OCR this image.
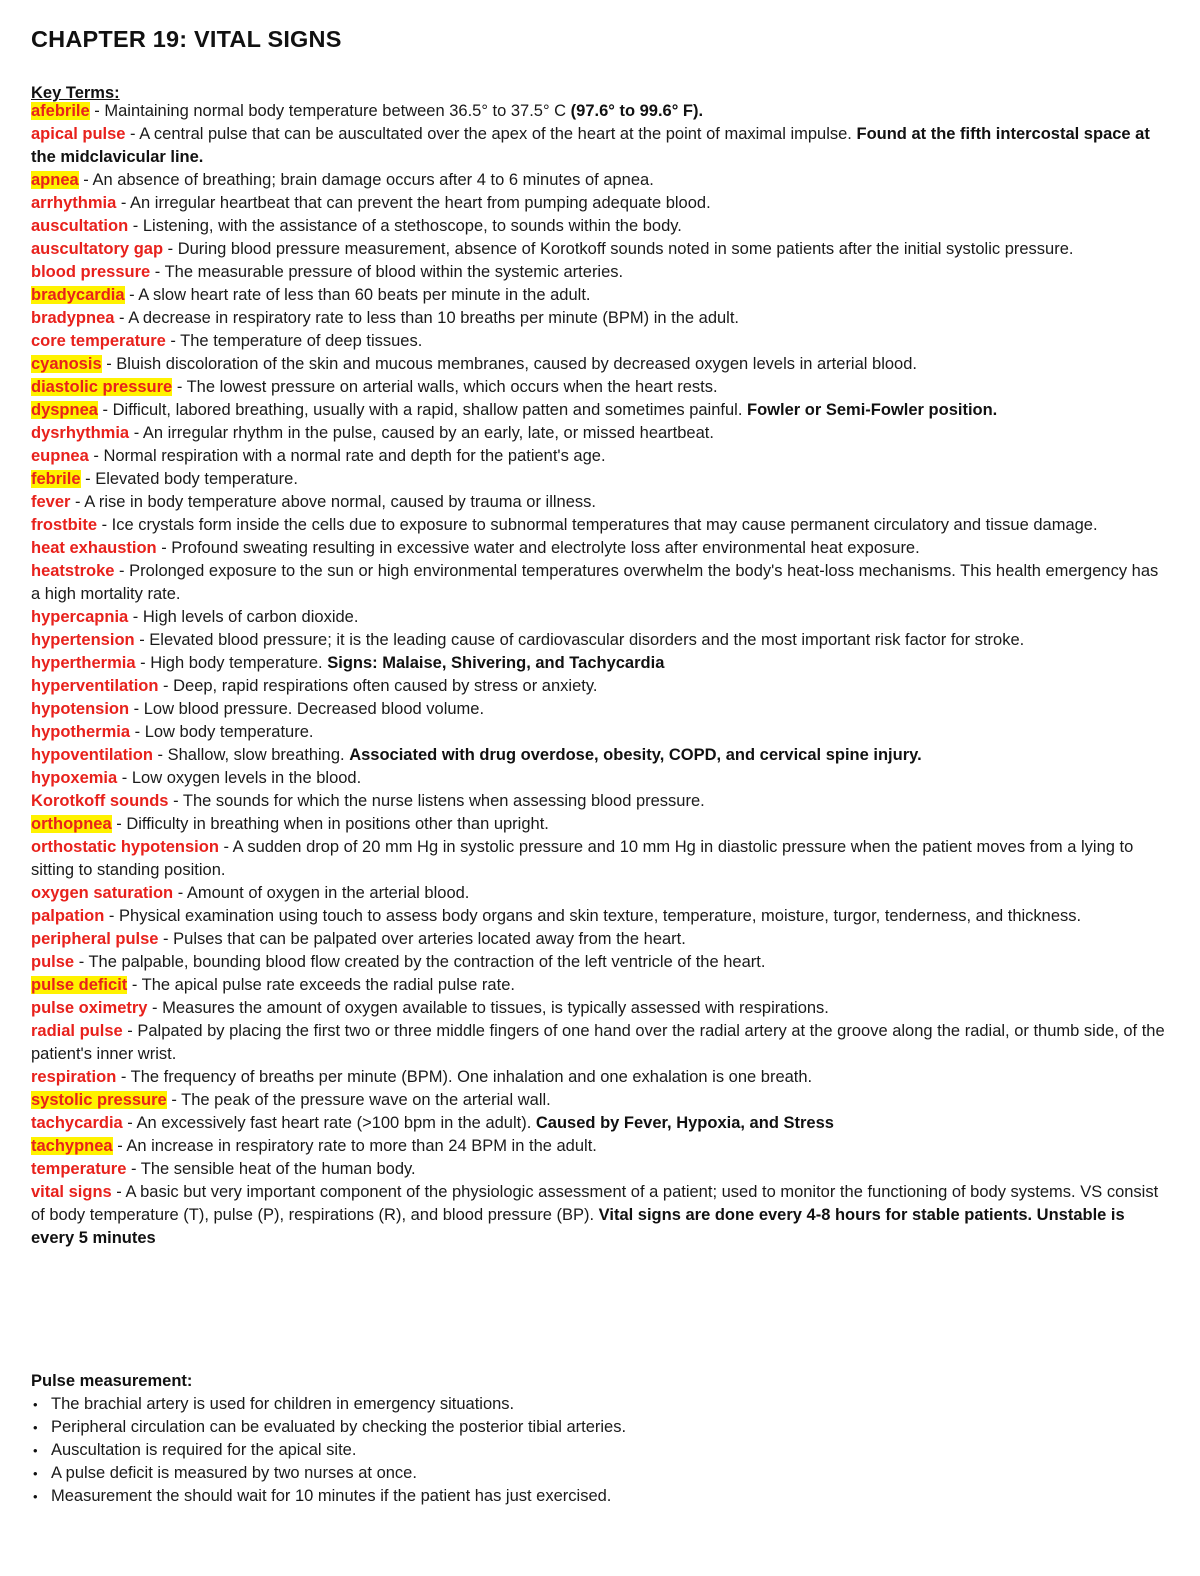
CHAPTER 19: VITAL SIGNS
Key Terms:

afebrile - Maintaining normal body temperature between 36.5° to 37.5° C (97.6° to 99.6° F).

apical pulse - A central pulse that can be auscultated over the apex of the heart at the point of maximal impulse. Found at the fifth intercostal space at the midclavicular line.

apnea - An absence of breathing; brain damage occurs after 4 to 6 minutes of apnea.

arrhythmia - An irregular heartbeat that can prevent the heart from pumping adequate blood.

auscultation - Listening, with the assistance of a stethoscope, to sounds within the body.

auscultatory gap - During blood pressure measurement, absence of Korotkoff sounds noted in some patients after the initial systolic pressure.

blood pressure - The measurable pressure of blood within the systemic arteries.

bradycardia - A slow heart rate of less than 60 beats per minute in the adult.

bradypnea - A decrease in respiratory rate to less than 10 breaths per minute (BPM) in the adult.

core temperature - The temperature of deep tissues.

cyanosis - Bluish discoloration of the skin and mucous membranes, caused by decreased oxygen levels in arterial blood.

diastolic pressure - The lowest pressure on arterial walls, which occurs when the heart rests.

dyspnea - Difficult, labored breathing, usually with a rapid, shallow patten and sometimes painful. Fowler or Semi-Fowler position.

dysrhythmia - An irregular rhythm in the pulse, caused by an early, late, or missed heartbeat.

eupnea - Normal respiration with a normal rate and depth for the patient's age.

febrile - Elevated body temperature.

fever - A rise in body temperature above normal, caused by trauma or illness.

frostbite - Ice crystals form inside the cells due to exposure to subnormal temperatures that may cause permanent circulatory and tissue damage.

heat exhaustion - Profound sweating resulting in excessive water and electrolyte loss after environmental heat exposure.

heatstroke - Prolonged exposure to the sun or high environmental temperatures overwhelm the body's heat-loss mechanisms. This health emergency has a high mortality rate.

hypercapnia - High levels of carbon dioxide.

hypertension - Elevated blood pressure; it is the leading cause of cardiovascular disorders and the most important risk factor for stroke.

hyperthermia - High body temperature. Signs: Malaise, Shivering, and Tachycardia

hyperventilation - Deep, rapid respirations often caused by stress or anxiety.

hypotension - Low blood pressure. Decreased blood volume.

hypothermia - Low body temperature.

hypoventilation - Shallow, slow breathing. Associated with drug overdose, obesity, COPD, and cervical spine injury.

hypoxemia - Low oxygen levels in the blood.

Korotkoff sounds - The sounds for which the nurse listens when assessing blood pressure.

orthopnea - Difficulty in breathing when in positions other than upright.

orthostatic hypotension - A sudden drop of 20 mm Hg in systolic pressure and 10 mm Hg in diastolic pressure when the patient moves from a lying to sitting to standing position.

oxygen saturation - Amount of oxygen in the arterial blood.

palpation - Physical examination using touch to assess body organs and skin texture, temperature, moisture, turgor, tenderness, and thickness.

peripheral pulse - Pulses that can be palpated over arteries located away from the heart.

pulse - The palpable, bounding blood flow created by the contraction of the left ventricle of the heart.

pulse deficit - The apical pulse rate exceeds the radial pulse rate.

pulse oximetry - Measures the amount of oxygen available to tissues, is typically assessed with respirations.

radial pulse - Palpated by placing the first two or three middle fingers of one hand over the radial artery at the groove along the radial, or thumb side, of the patient's inner wrist.

respiration - The frequency of breaths per minute (BPM). One inhalation and one exhalation is one breath.

systolic pressure - The peak of the pressure wave on the arterial wall.

tachycardia - An excessively fast heart rate (>100 bpm in the adult). Caused by Fever, Hypoxia, and Stress

tachypnea - An increase in respiratory rate to more than 24 BPM in the adult.

temperature - The sensible heat of the human body.

vital signs - A basic but very important component of the physiologic assessment of a patient; used to monitor the functioning of body systems. VS consist of body temperature (T), pulse (P), respirations (R), and blood pressure (BP). Vital signs are done every 4-8 hours for stable patients. Unstable is every 5 minutes

Pulse measurement:
• The brachial artery is used for children in emergency situations.
• Peripheral circulation can be evaluated by checking the posterior tibial arteries.
• Auscultation is required for the apical site.
• A pulse deficit is measured by two nurses at once.
• Measurement the should wait for 10 minutes if the patient has just exercised.
